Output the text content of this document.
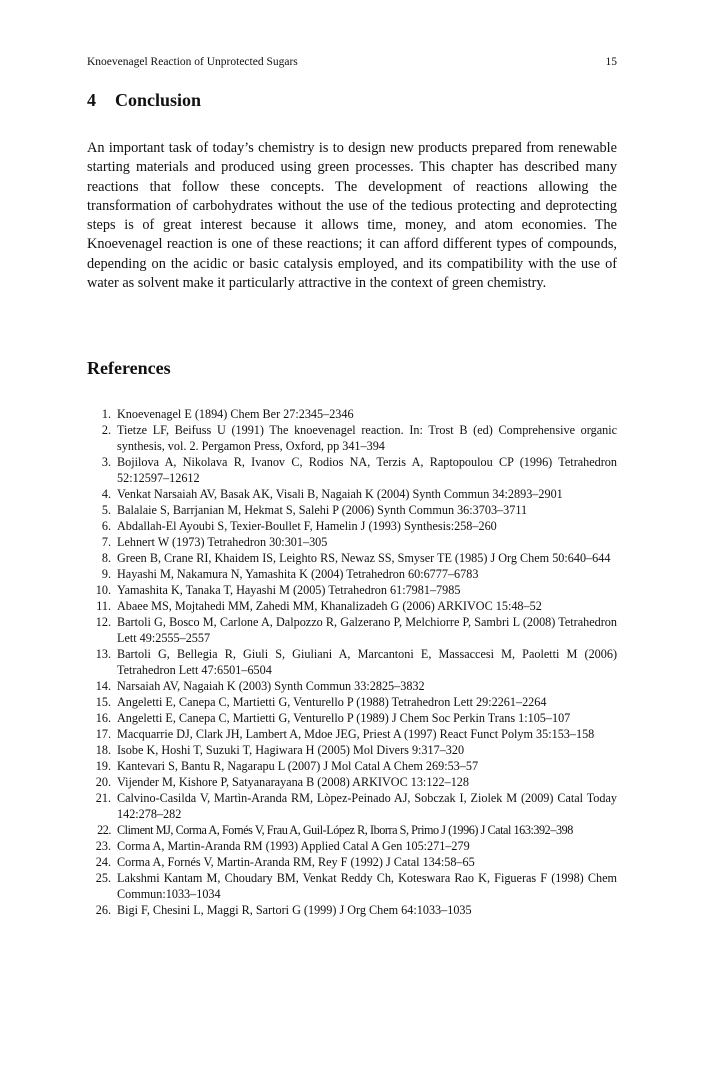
Knoevenagel Reaction of Unprotected Sugars	15
4 Conclusion

An important task of today’s chemistry is to design new products prepared from renewable starting materials and produced using green processes. This chapter has described many reactions that follow these concepts. The development of reactions allowing the transformation of carbohydrates without the use of the tedious protecting and deprotecting steps is of great interest because it allows time, money, and atom economies. The Knoevenagel reaction is one of these reactions; it can afford different types of compounds, depending on the acidic or basic catalysis employed, and its compatibility with the use of water as solvent make it particularly attractive in the context of green chemistry.

References
1. Knoevenagel E (1894) Chem Ber 27:2345–2346
2. Tietze LF, Beifuss U (1991) The knoevenagel reaction. In: Trost B (ed) Comprehensive organic synthesis, vol. 2. Pergamon Press, Oxford, pp 341–394
3. Bojilova A, Nikolava R, Ivanov C, Rodios NA, Terzis A, Raptopoulou CP (1996) Tetrahedron 52:12597–12612
4. Venkat Narsaiah AV, Basak AK, Visali B, Nagaiah K (2004) Synth Commun 34:2893–2901
5. Balalaie S, Barrjanian M, Hekmat S, Salehi P (2006) Synth Commun 36:3703–3711
6. Abdallah-El Ayoubi S, Texier-Boullet F, Hamelin J (1993) Synthesis:258–260
7. Lehnert W (1973) Tetrahedron 30:301–305
8. Green B, Crane RI, Khaidem IS, Leighto RS, Newaz SS, Smyser TE (1985) J Org Chem 50:640–644
9. Hayashi M, Nakamura N, Yamashita K (2004) Tetrahedron 60:6777–6783
10. Yamashita K, Tanaka T, Hayashi M (2005) Tetrahedron 61:7981–7985
11. Abaee MS, Mojtahedi MM, Zahedi MM, Khanalizadeh G (2006) ARKIVOC 15:48–52
12. Bartoli G, Bosco M, Carlone A, Dalpozzo R, Galzerano P, Melchiorre P, Sambri L (2008) Tetrahedron Lett 49:2555–2557
13. Bartoli G, Bellegia R, Giuli S, Giuliani A, Marcantoni E, Massaccesi M, Paoletti M (2006) Tetrahedron Lett 47:6501–6504
14. Narsaiah AV, Nagaiah K (2003) Synth Commun 33:2825–3832
15. Angeletti E, Canepa C, Martietti G, Venturello P (1988) Tetrahedron Lett 29:2261–2264
16. Angeletti E, Canepa C, Martietti G, Venturello P (1989) J Chem Soc Perkin Trans 1:105–107
17. Macquarrie DJ, Clark JH, Lambert A, Mdoe JEG, Priest A (1997) React Funct Polym 35:153–158
18. Isobe K, Hoshi T, Suzuki T, Hagiwara H (2005) Mol Divers 9:317–320
19. Kantevari S, Bantu R, Nagarapu L (2007) J Mol Catal A Chem 269:53–57
20. Vijender M, Kishore P, Satyanarayana B (2008) ARKIVOC 13:122–128
21. Calvino-Casilda V, Martìn-Aranda RM, Lòpez-Peinado AJ, Sobczak I, Ziolek M (2009) Catal Today 142:278–282
22. Climent MJ, Corma A, Fornés V, Frau A, Guil-López R, Iborra S, Primo J (1996) J Catal 163:392–398
23. Corma A, Martin-Aranda RM (1993) Applied Catal A Gen 105:271–279
24. Corma A, Fornés V, Martin-Aranda RM, Rey F (1992) J Catal 134:58–65
25. Lakshmi Kantam M, Choudary BM, Venkat Reddy Ch, Koteswara Rao K, Figueras F (1998) Chem Commun:1033–1034
26. Bigi F, Chesini L, Maggi R, Sartori G (1999) J Org Chem 64:1033–1035
